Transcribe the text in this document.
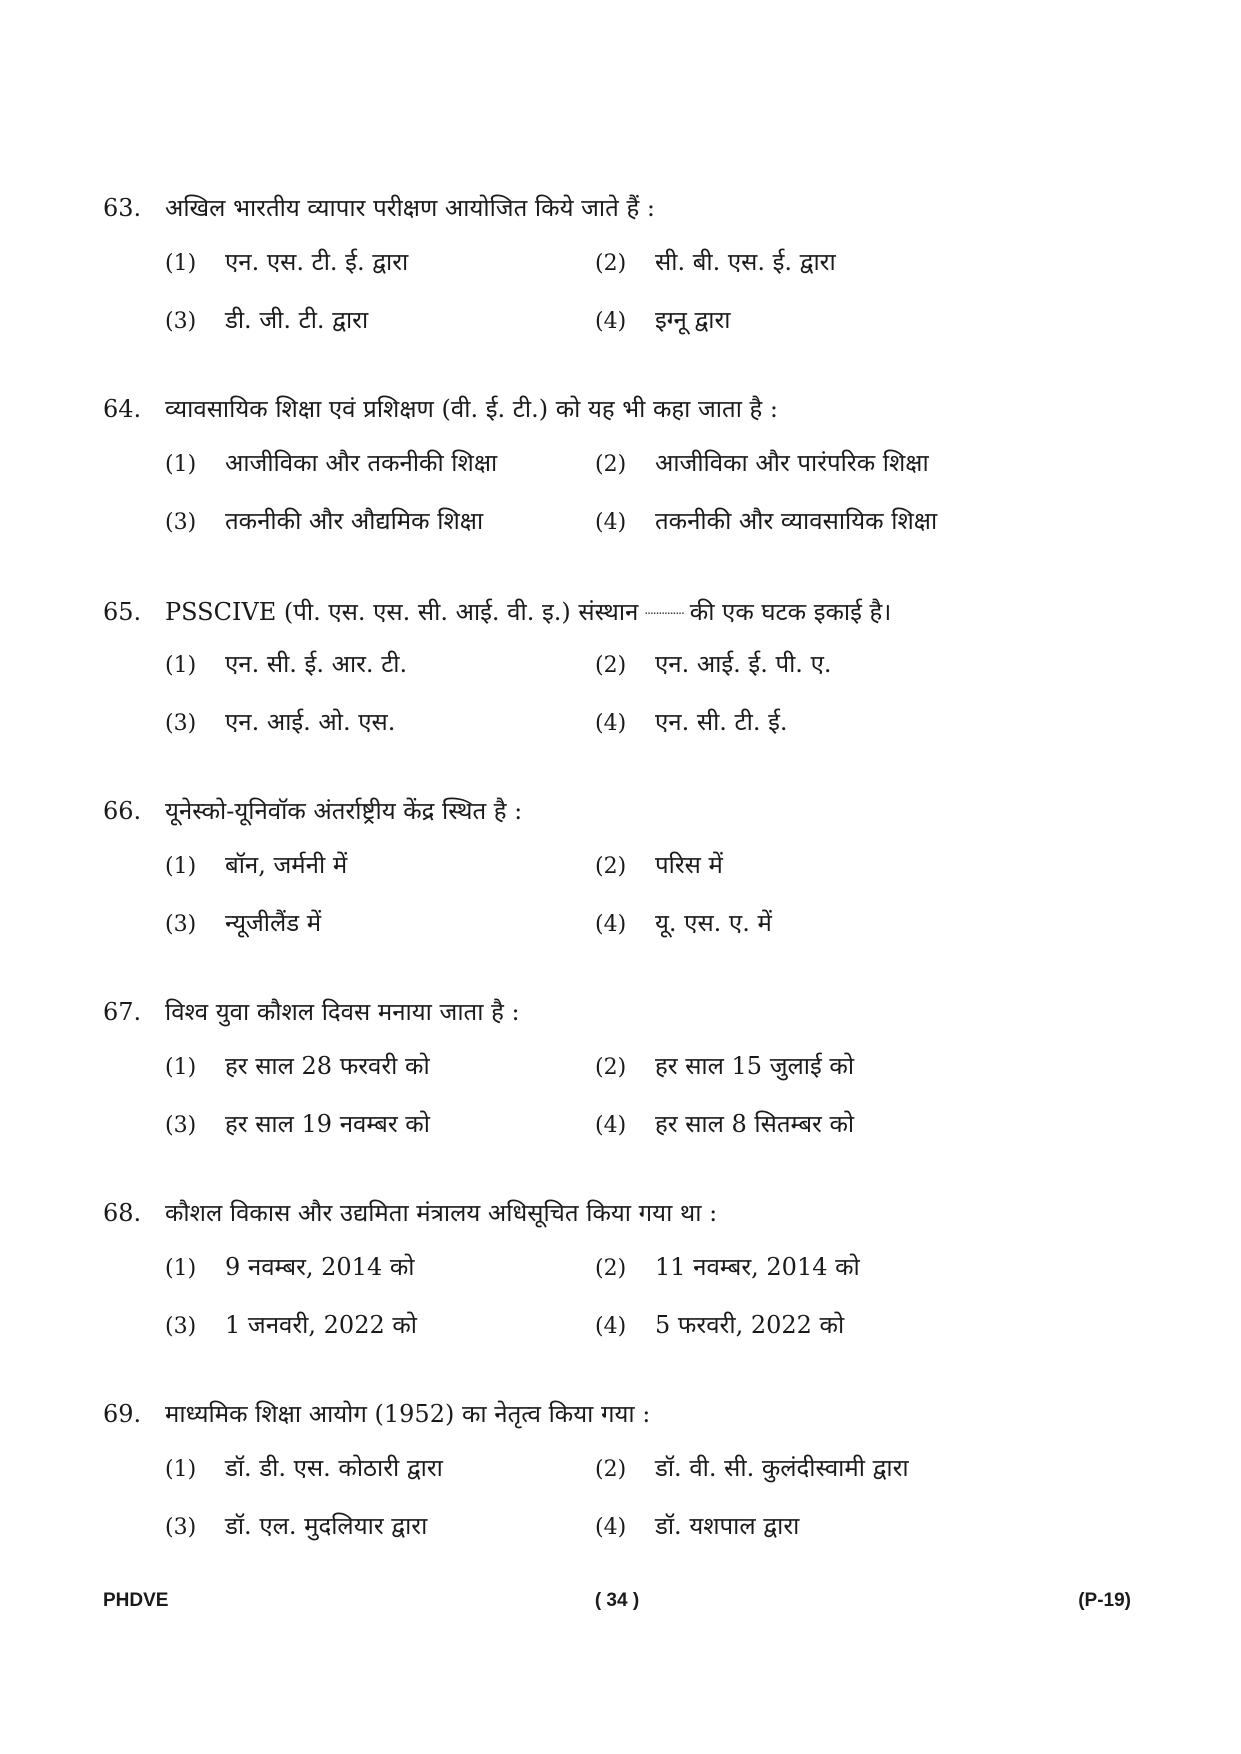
63. अखिल भारतीय व्यापार परीक्षण आयोजित किये जाते हैं :
(1)	एन. एस. टी. ई. द्वारा	(2)	सी. बी. एस. ई. द्वारा
(3)	डी. जी. टी. द्वारा	(4)	इग्नू द्वारा
64. व्यावसायिक शिक्षा एवं प्रशिक्षण (वी. ई. टी.) को यह भी कहा जाता है :
(1)	आजीविका और तकनीकी शिक्षा	(2)	आजीविका और पारंपरिक शिक्षा
(3)	तकनीकी और औद्यमिक शिक्षा	(4)	तकनीकी और व्यावसायिक शिक्षा
65. PSSCIVE (पी. एस. एस. सी. आई. वी. इ.) संस्थान .............. की एक घटक इकाई है।
(1)	एन. सी. ई. आर. टी.	(2)	एन. आई. ई. पी. ए.
(3)	एन. आई. ओ. एस.	(4)	एन. सी. टी. ई.
66. यूनेस्को-यूनिवॉक अंतर्राष्ट्रीय केंद्र स्थित है :
(1)	बॉन, जर्मनी में	(2)	परिस में
(3)	न्यूजीलैंड में	(4)	यू. एस. ए. में
67. विश्व युवा कौशल दिवस मनाया जाता है :
(1)	हर साल 28 फरवरी को	(2)	हर साल 15 जुलाई को
(3)	हर साल 19 नवम्बर को	(4)	हर साल 8 सितम्बर को
68. कौशल विकास और उद्यमिता मंत्रालय अधिसूचित किया गया था :
(1)	9 नवम्बर, 2014 को	(2)	11 नवम्बर, 2014 को
(3)	1 जनवरी, 2022 को	(4)	5 फरवरी, 2022 को
69. माध्यमिक शिक्षा आयोग (1952) का नेतृत्व किया गया :
(1)	डॉ. डी. एस. कोठारी द्वारा	(2)	डॉ. वी. सी. कुलंदीस्वामी द्वारा
(3)	डॉ. एल. मुदलियार द्वारा	(4)	डॉ. यशपाल द्वारा
PHDVE	( 34 )	(P-19)
